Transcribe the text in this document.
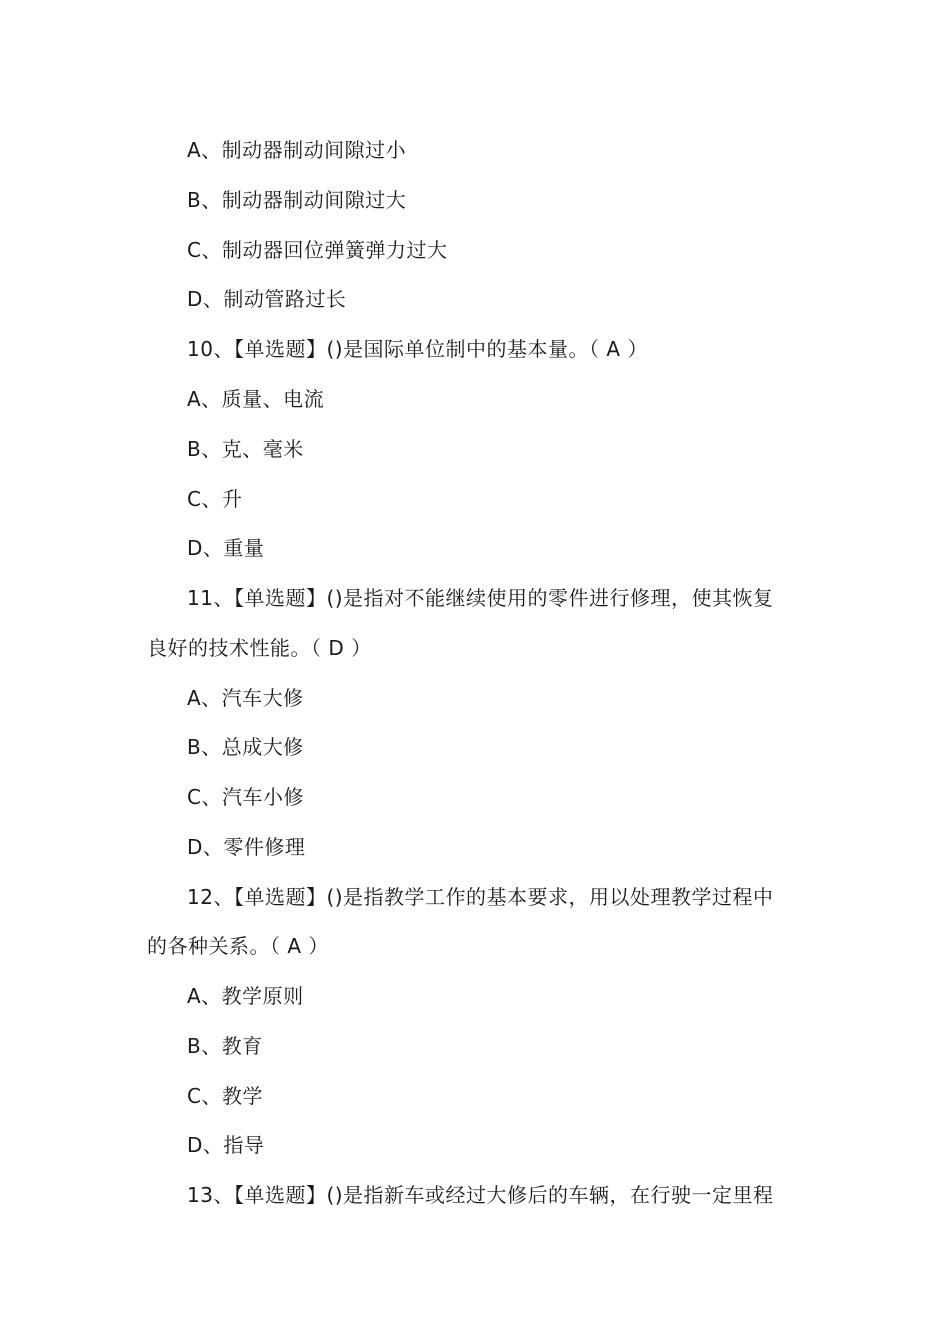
A、制动器制动间隙过小
B、制动器制动间隙过大
C、制动器回位弹簧弹力过大
D、制动管路过长
10、【单选题】()是国际单位制中的基本量。（ A ）
A、质量、电流
B、克、毫米
C、升
D、重量
11、【单选题】()是指对不能继续使用的零件进行修理，使其恢复
良好的技术性能。（ D ）
A、汽车大修
B、总成大修
C、汽车小修
D、零件修理
12、【单选题】()是指教学工作的基本要求，用以处理教学过程中
的各种关系。（ A ）
A、教学原则
B、教育
C、教学
D、指导
13、【单选题】()是指新车或经过大修后的车辆，在行驶一定里程
